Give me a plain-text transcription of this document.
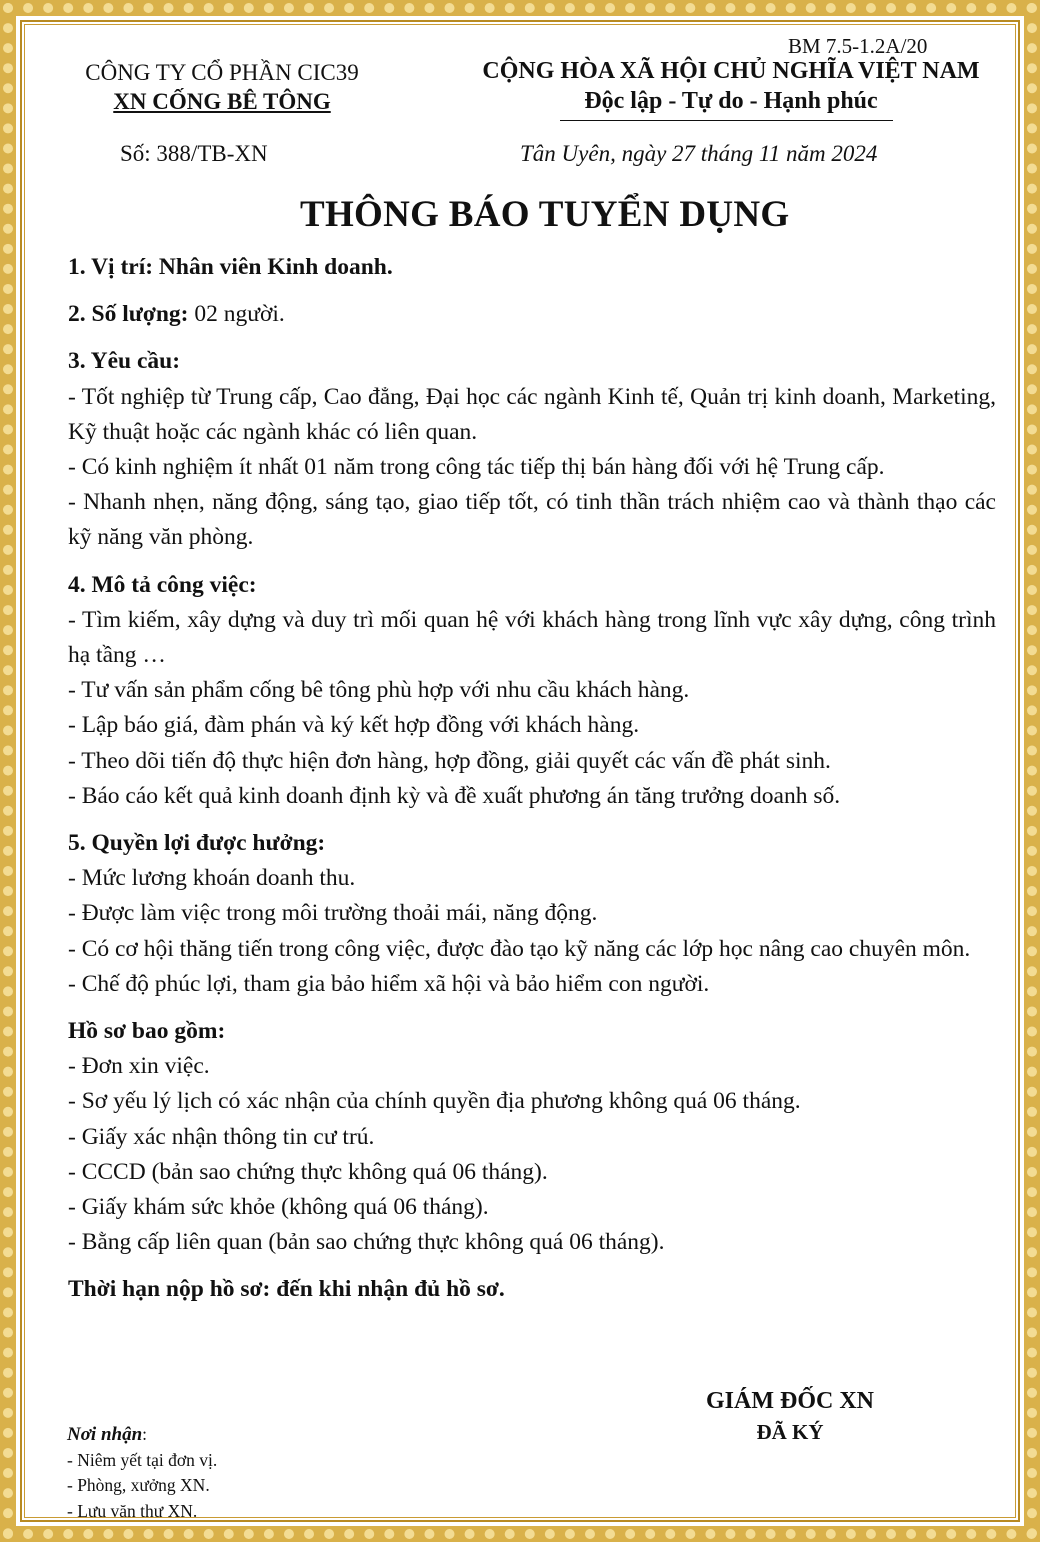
BM 7.5-1.2A/20
CÔNG TY CỔ PHẦN CIC39
XN CỐNG BÊ TÔNG
CỘNG HÒA XÃ HỘI CHỦ NGHĨA VIỆT NAM
Độc lập - Tự do - Hạnh phúc
Số: 388/TB-XN	Tân Uyên, ngày 27 tháng 11 năm 2024
THÔNG BÁO TUYỂN DỤNG

1. Vị trí: Nhân viên Kinh doanh.

2. Số lượng: 02 người.

3. Yêu cầu:

- Tốt nghiệp từ Trung cấp, Cao đẳng, Đại học các ngành Kinh tế, Quản trị kinh doanh, Marketing, Kỹ thuật hoặc các ngành khác có liên quan.

- Có kinh nghiệm ít nhất 01 năm trong công tác tiếp thị bán hàng đối với hệ Trung cấp.

- Nhanh nhẹn, năng động, sáng tạo, giao tiếp tốt, có tinh thần trách nhiệm cao và thành thạo các kỹ năng văn phòng.

4. Mô tả công việc:

- Tìm kiếm, xây dựng và duy trì mối quan hệ với khách hàng trong lĩnh vực xây dựng, công trình hạ tầng …

- Tư vấn sản phẩm cống bê tông phù hợp với nhu cầu khách hàng.

- Lập báo giá, đàm phán và ký kết hợp đồng với khách hàng.

- Theo dõi tiến độ thực hiện đơn hàng, hợp đồng, giải quyết các vấn đề phát sinh.

- Báo cáo kết quả kinh doanh định kỳ và đề xuất phương án tăng trưởng doanh số.

5. Quyền lợi được hưởng:

- Mức lương khoán doanh thu.

- Được làm việc trong môi trường thoải mái, năng động.

- Có cơ hội thăng tiến trong công việc, được đào tạo kỹ năng các lớp học nâng cao chuyên môn.

- Chế độ phúc lợi, tham gia bảo hiểm xã hội và bảo hiểm con người.

Hồ sơ bao gồm:

- Đơn xin việc.

- Sơ yếu lý lịch có xác nhận của chính quyền địa phương không quá 06 tháng.

- Giấy xác nhận thông tin cư trú.

- CCCD (bản sao chứng thực không quá 06 tháng).

- Giấy khám sức khỏe (không quá 06 tháng).

- Bằng cấp liên quan (bản sao chứng thực không quá 06 tháng).

Thời hạn nộp hồ sơ: đến khi nhận đủ hồ sơ.

GIÁM ĐỐC XN
ĐÃ KÝ
Nơi nhận:
- Niêm yết tại đơn vị.
- Phòng, xưởng XN.
- Lưu văn thư XN.
